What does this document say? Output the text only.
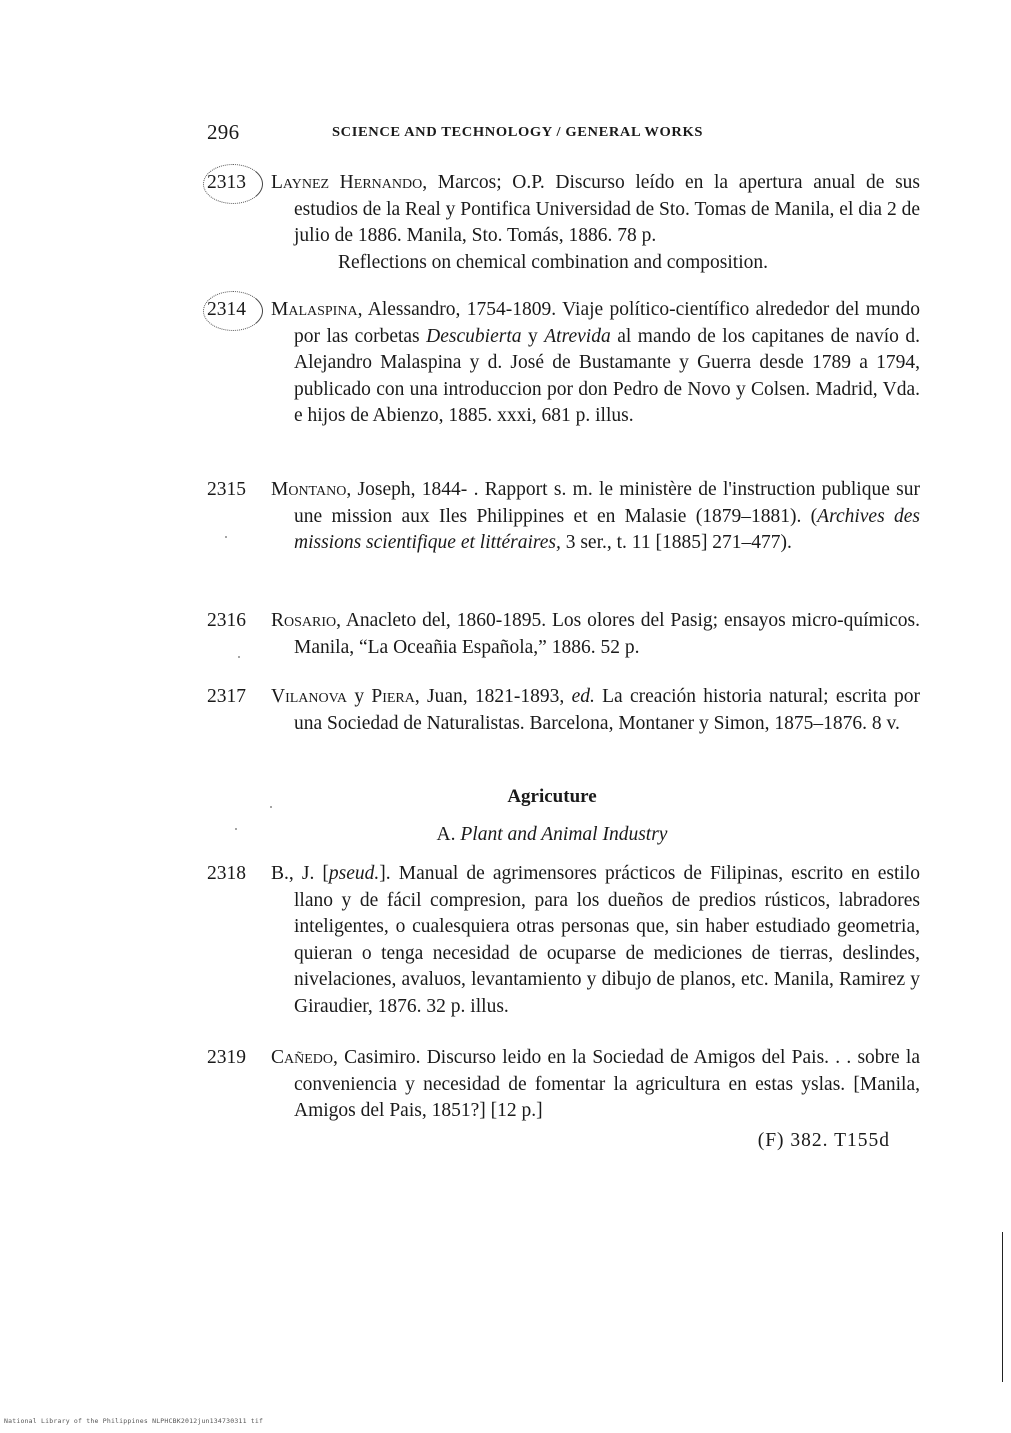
296	SCIENCE AND TECHNOLOGY / GENERAL WORKS
2313	Laynez Hernando, Marcos; O.P. Discurso leído en la apertura anual de sus estudios de la Real y Pontifica Universidad de Sto. Tomas de Manila, el dia 2 de julio de 1886. Manila, Sto. Tomás, 1886. 78 p.
Reflections on chemical combination and composition.
2314	Malaspina, Alessandro, 1754-1809. Viaje político-científico alrededor del mundo por las corbetas Descubierta y Atrevida al mando de los capitanes de navío d. Alejandro Malaspina y d. José de Bustamante y Guerra desde 1789 a 1794, publicado con una introduccion por don Pedro de Novo y Colsen. Madrid, Vda. e hijos de Abienzo, 1885. xxxi, 681 p. illus.
2315	Montano, Joseph, 1844- . Rapport s. m. le ministère de l'instruction publique sur une mission aux Iles Philippines et en Malasie (1879–1881). (Archives des missions scientifique et littéraires, 3 ser., t. 11 [1885] 271–477).
2316	Rosario, Anacleto del, 1860-1895. Los olores del Pasig; ensayos micro-químicos. Manila, “La Oceañia Española,” 1886. 52 p.
2317	Vilanova y Piera, Juan, 1821-1893, ed. La creación historia natural; escrita por una Sociedad de Naturalistas. Barcelona, Montaner y Simon, 1875–1876. 8 v.
Agricuture
A. Plant and Animal Industry
2318	B., J. [pseud.]. Manual de agrimensores prácticos de Filipinas, escrito en estilo llano y de fácil compresion, para los dueños de predios rústicos, labradores inteligentes, o cualesquiera otras personas que, sin haber estudiado geometria, quieran o tenga necesidad de ocuparse de mediciones de tierras, deslindes, nivelaciones, avaluos, levantamiento y dibujo de planos, etc. Manila, Ramirez y Giraudier, 1876. 32 p. illus.
2319	Cañedo, Casimiro. Discurso leido en la Sociedad de Amigos del Pais. . . sobre la conveniencia y necesidad de fomentar la agricultura en estas yslas. [Manila, Amigos del Pais, 1851?] [12 p.]
(F) 382. T155d
National Library of the Philippines NLPHCBK2012jun134730311 tif
